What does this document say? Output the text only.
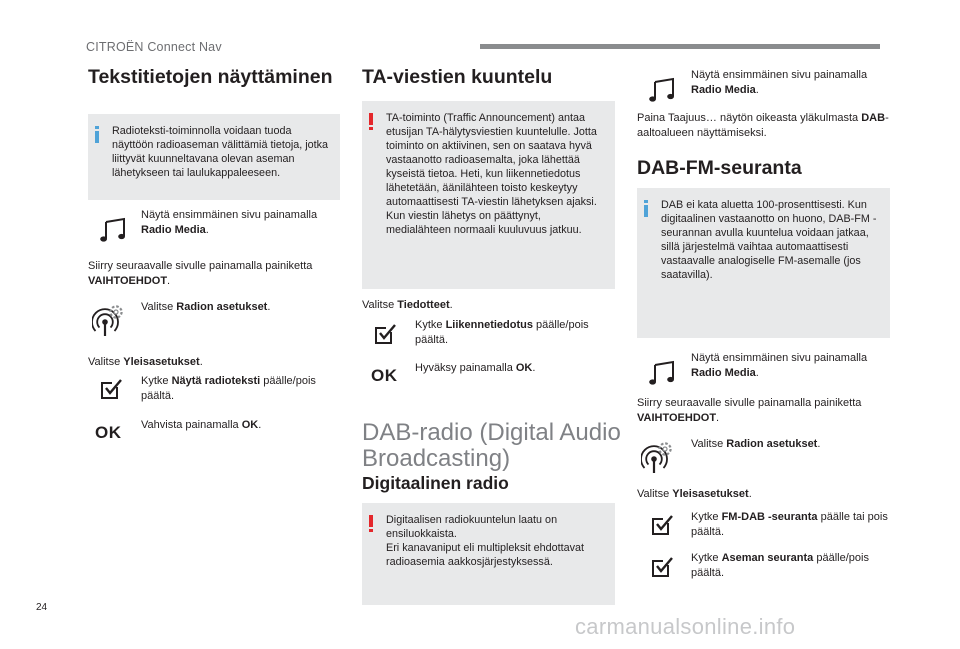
CITROËN Connect Nav
24
carmanualsonline.info
Tekstitietojen näyttäminen

Radioteksti-toiminnolla voidaan tuoda näyttöön radioaseman välittämiä tietoja, jotka liittyvät kuunneltavana olevan aseman lähetykseen tai laulukappaleeseen.

Näytä ensimmäinen sivu painamalla Radio Media.

Siirry seuraavalle sivulle painamalla painiketta VAIHTOEHDOT.

Valitse Radion asetukset.

Valitse Yleisasetukset.

Kytke Näytä radioteksti päälle/pois päältä.

OK Vahvista painamalla OK.

TA-viestien kuuntelu

TA-toiminto (Traffic Announcement) antaa etusijan TA-hälytysviestien kuuntelulle. Jotta toiminto on aktiivinen, sen on saatava hyvä vastaanotto radioasemalta, joka lähettää kyseistä tietoa. Heti, kun liikennetiedotus lähetetään, äänilähteen toisto keskeytyy automaattisesti TA-viestin lähetyksen ajaksi. Kun viestin lähetys on päättynyt, medialähteen normaali kuuluvuus jatkuu.

Valitse Tiedotteet.

Kytke Liikennetiedotus päälle/pois päältä.

OK Hyväksy painamalla OK.

DAB-radio (Digital Audio Broadcasting)
Digitaalinen radio

Digitaalisen radiokuuntelun laatu on ensiluokkaista.
Eri kanavaniput eli multipleksit ehdottavat radioasemia aakkosjärjestyksessä.

Näytä ensimmäinen sivu painamalla Radio Media.

Paina Taajuus… näytön oikeasta yläkulmasta DAB-aaltoalueen näyttämiseksi.

DAB-FM-seuranta

DAB ei kata aluetta 100-prosenttisesti. Kun digitaalinen vastaanotto on huono, DAB-FM -seurannan avulla kuuntelua voidaan jatkaa, sillä järjestelmä vaihtaa automaattisesti vastaavalle analogiselle FM-asemalle (jos saatavilla).

Näytä ensimmäinen sivu painamalla Radio Media.

Siirry seuraavalle sivulle painamalla painiketta VAIHTOEHDOT.

Valitse Radion asetukset.

Valitse Yleisasetukset.

Kytke FM-DAB -seuranta päälle tai pois päältä.

Kytke Aseman seuranta päälle/pois päältä.
